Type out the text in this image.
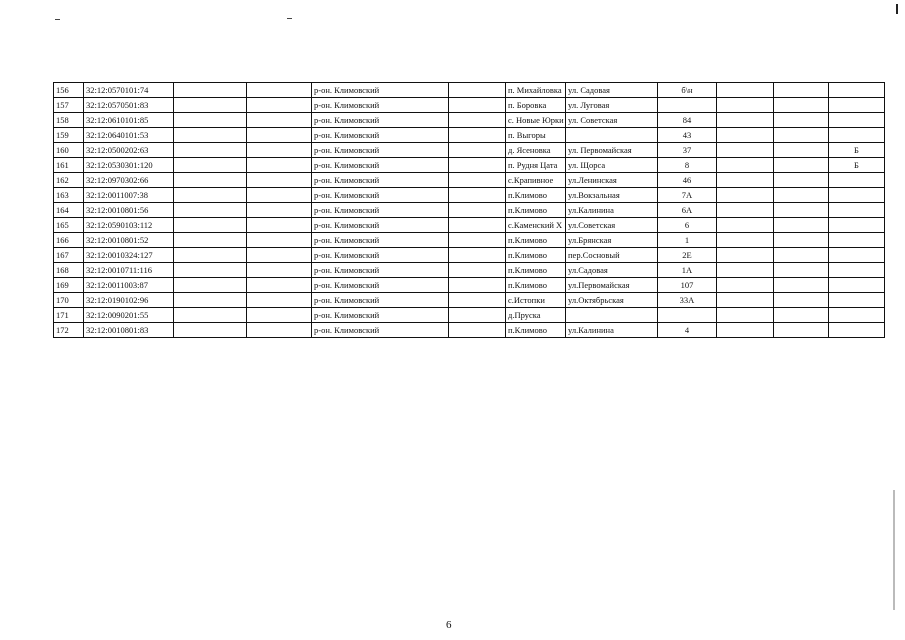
156	32:12:0570101:74			р-он. Климовский		п. Михайловка	ул. Садовая	б\н			
157	32:12:0570501:83			р-он. Климовский		п. Боровка	ул. Луговая				
158	32:12:0610101:85			р-он. Климовский		с. Новые Юрки	ул. Советская	84			
159	32:12:0640101:53			р-он. Климовский		п. Выгоры		43			
160	32:12:0500202:63			р-он. Климовский		д. Ясеновка	ул. Первомайская	37			Б
161	32:12:0530301:120			р-он. Климовский		п. Рудня Цата	ул. Щорса	8			Б
162	32:12:0970302:66			р-он. Климовский		с.Крапивное	ул.Ленинская	46			
163	32:12:0011007:38			р-он. Климовский		п.Климово	ул.Вокзальная	7А			
164	32:12:0010801:56			р-он. Климовский		п.Климово	ул.Калинина	6А			
165	32:12:0590103:112			р-он. Климовский		с.Каменский Х	ул.Советская	6			
166	32:12:0010801:52			р-он. Климовский		п.Климово	ул.Брянская	1			
167	32:12:0010324:127			р-он. Климовский		п.Климово	пер.Сосновый	2Е			
168	32:12:0010711:116			р-он. Климовский		п.Климово	ул.Садовая	1А			
169	32:12:0011003:87			р-он. Климовский		п.Климово	ул.Первомайская	107			
170	32:12:0190102:96			р-он. Климовский		с.Истопки	ул.Октябрьская	33А			
171	32:12:0090201:55			р-он. Климовский		д.Пруска					
172	32:12:0010801:83			р-он. Климовский		п.Климово	ул.Калинина	4			
6
